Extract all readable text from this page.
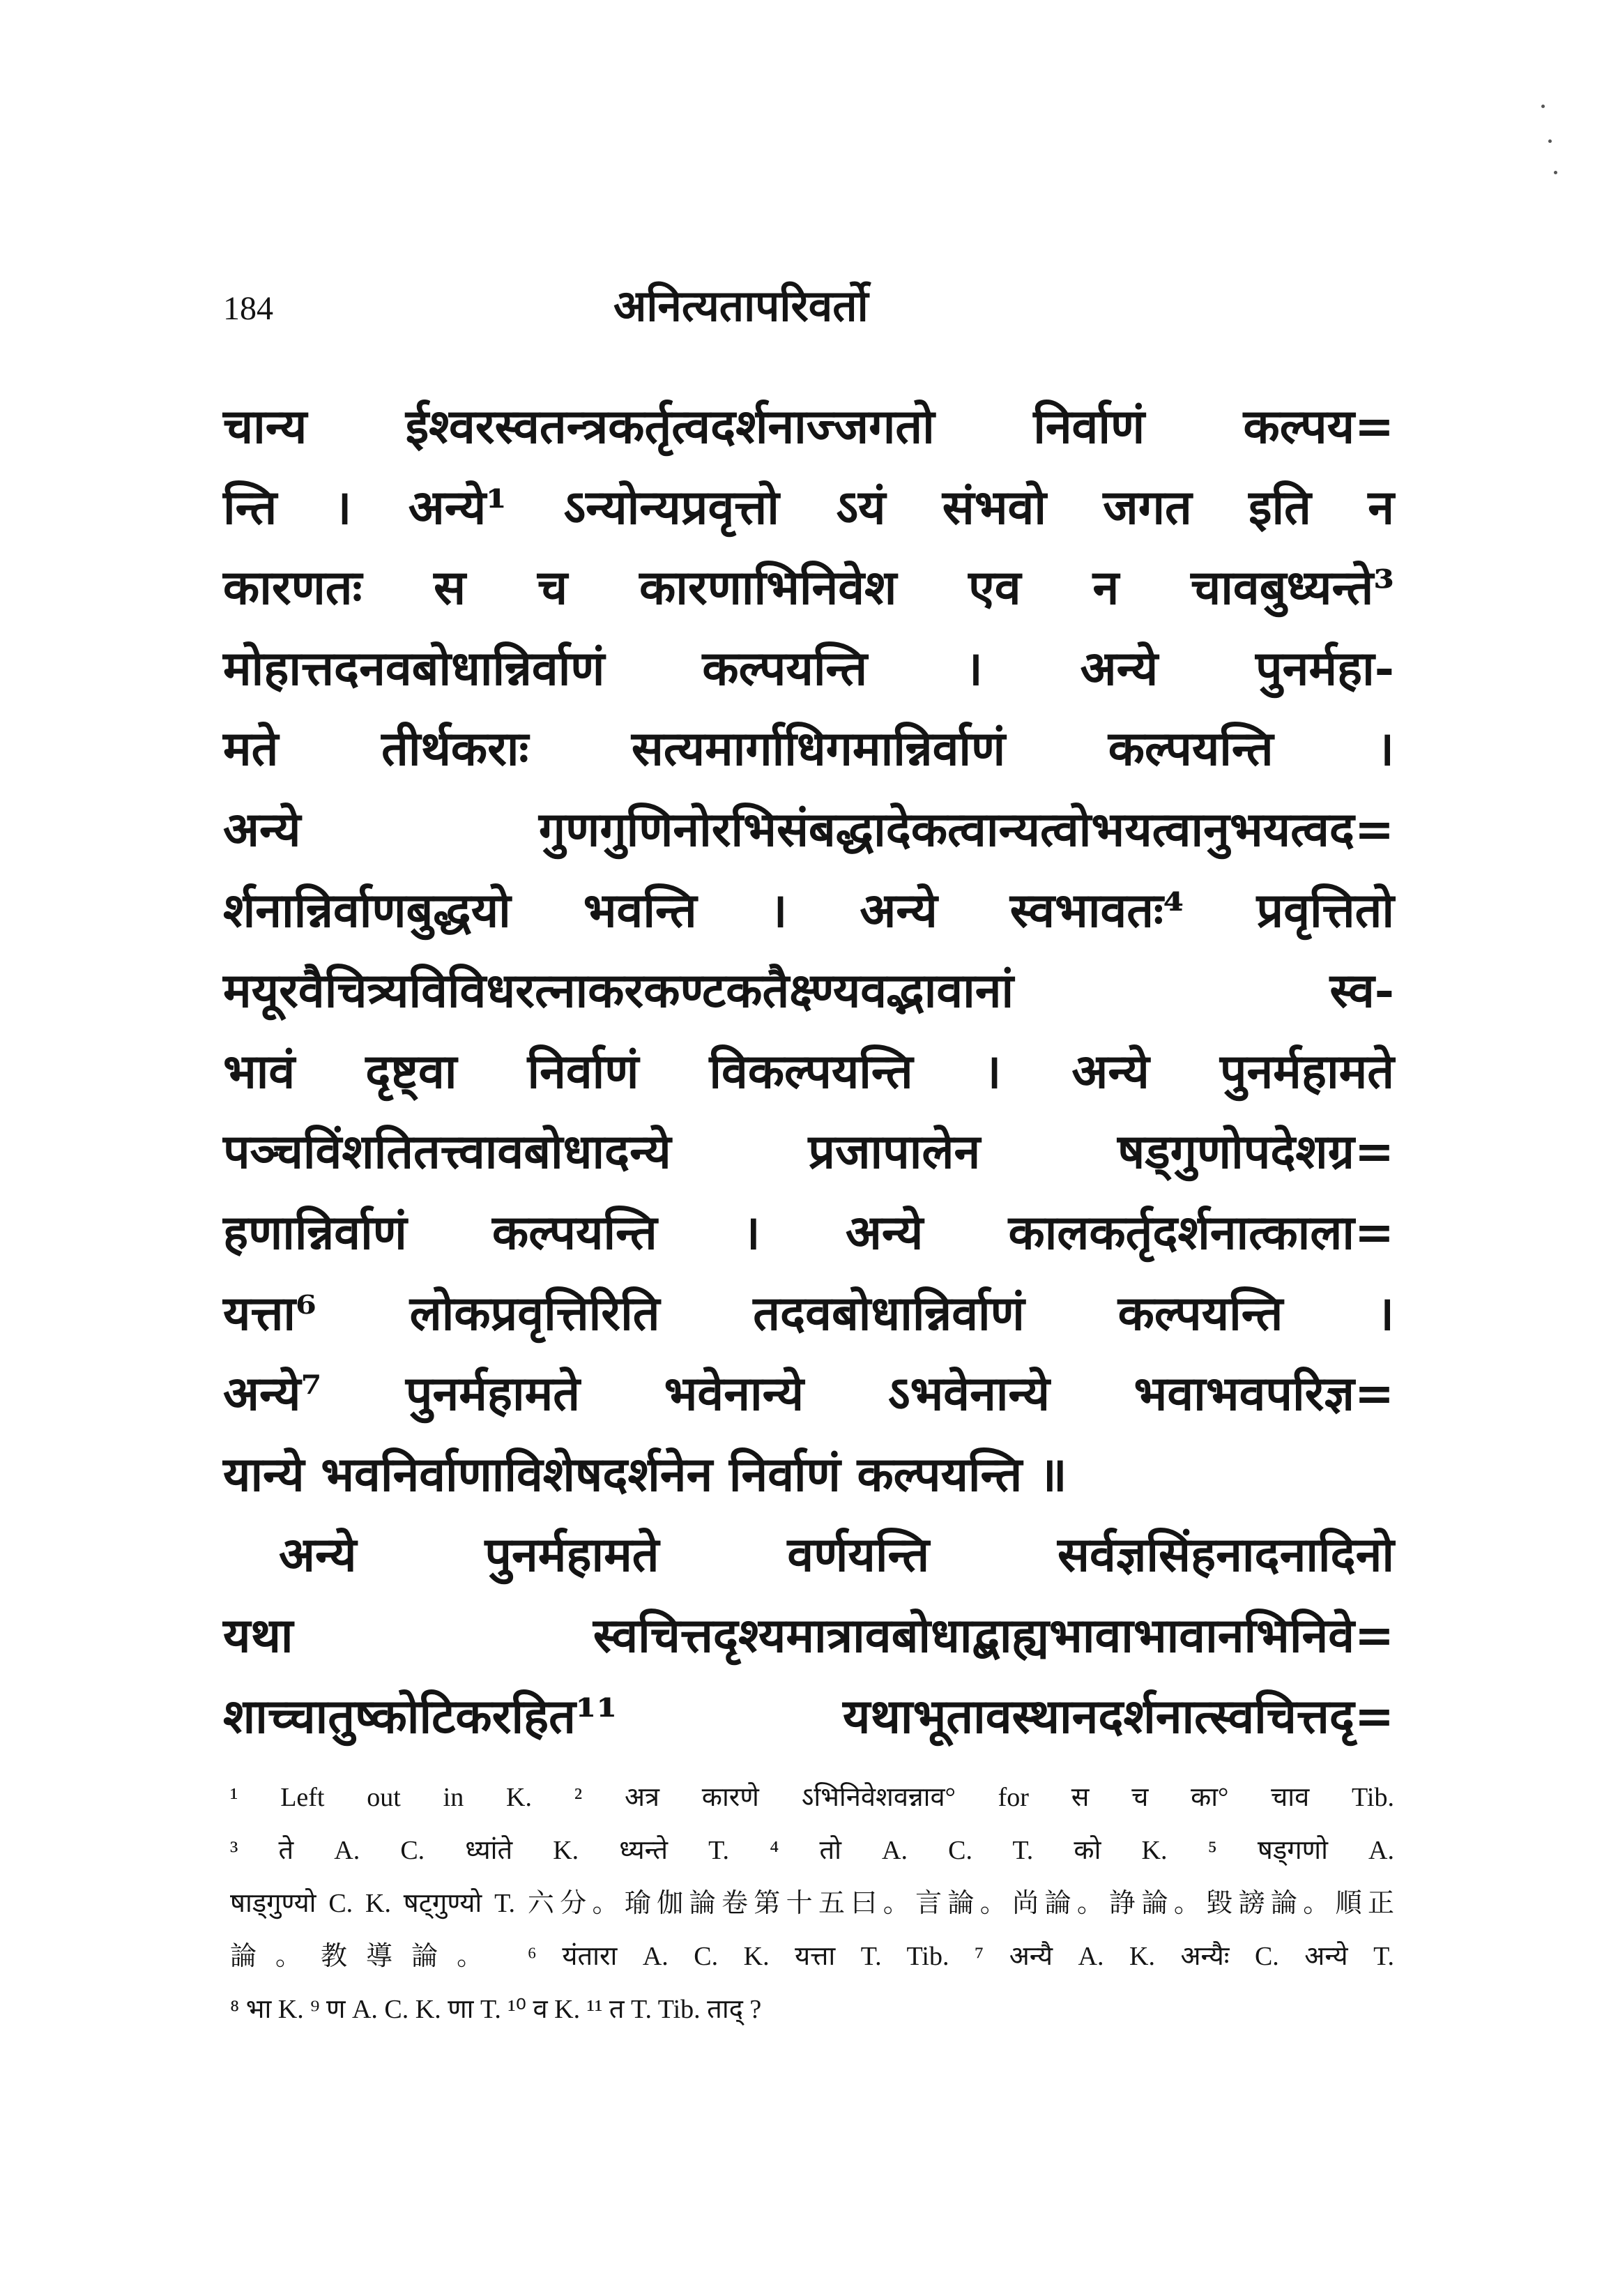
184	अनित्यतापरिवर्तो
चान्य ईश्वरस्वतन्त्रकर्तृत्वदर्शनाज्जगतो निर्वाणं कल्पय=
न्ति । अन्ये¹ ऽन्योन्यप्रवृत्तो ऽयं संभवो जगत इति न
कारणतः स च कारणाभिनिवेश एव न चावबुध्यन्ते³
मोहात्तदनवबोधान्निर्वाणं कल्पयन्ति । अन्ये पुनर्महा-
मते तीर्थकराः सत्यमार्गाधिगमान्निर्वाणं कल्पयन्ति ।
अन्ये गुणगुणिनोरभिसंबद्धादेकत्वान्यत्वोभयत्वानुभयत्वद=
र्शनान्निर्वाणबुद्धयो भवन्ति । अन्ये स्वभावतः⁴ प्रवृत्तितो
मयूरवैचित्र्यविविधरत्नाकरकण्टकतैक्ष्ण्यवद्भावानां स्व-
भावं दृष्ट्वा निर्वाणं विकल्पयन्ति । अन्ये पुनर्महामते
पञ्चविंशतितत्त्वावबोधादन्ये प्रजापालेन षड्गुणोपदेशग्र=
हणान्निर्वाणं कल्पयन्ति । अन्ये कालकर्तृदर्शनात्काला=
यत्ता⁶ लोकप्रवृत्तिरिति तदवबोधान्निर्वाणं कल्पयन्ति ।
अन्ये⁷ पुनर्महामते भवेनान्ये ऽभवेनान्ये भवाभवपरिज्ञ=
यान्ये भवनिर्वाणाविशेषदर्शनेन निर्वाणं कल्पयन्ति ॥
अन्ये पुनर्महामते वर्णयन्ति सर्वज्ञसिंहनादनादिनो
यथा स्वचित्तदृश्यमात्रावबोधाद्बाह्यभावाभावानभिनिवे=
शाच्चातुष्कोटिकरहित¹¹ यथाभूतावस्थानदर्शनात्स्वचित्तदृ=
¹ Left out in K. ² अत्र कारणे ऽभिनिवेशवन्नाव° for स च का° चाव Tib.
³ ते A. C. ध्यांते K. ध्यन्ते T. ⁴ तो A. C. T. को K. ⁵ षड्गणो A.
षाड्गुण्यो C. K. षट्गुण्यो T. 六分。瑜伽論卷第十五曰。言論。尚論。諍論。毀謗論。順正
論。教導論。 ⁶ यंतारा A. C. K. यत्ता T. Tib. ⁷ अन्यै A. K. अन्यैः C. अन्ये T.
⁸ भा K. ⁹ ण A. C. K. णा T. ¹⁰ व K. ¹¹ त T. Tib. ताद् ?
